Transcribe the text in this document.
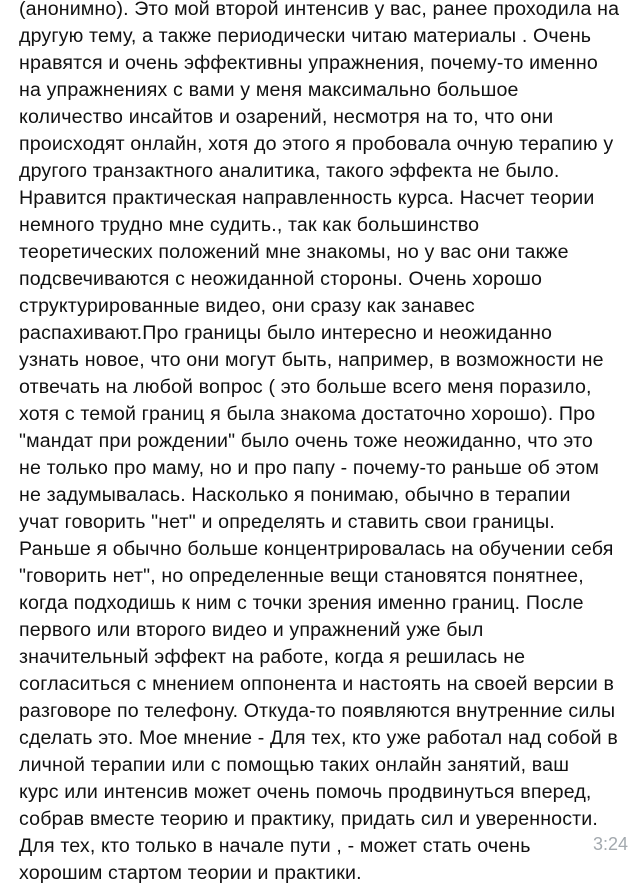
(анонимно). Это мой второй интенсив у вас, ранее проходила на
другую тему, а также периодически читаю материалы . Очень
нравятся и очень эффективны упражнения, почему-то именно
на упражнениях с вами у меня максимально большое
количество инсайтов и озарений, несмотря на то, что они
происходят онлайн, хотя до этого я пробовала очную терапию у
другого транзактного аналитика, такого эффекта не было.
Нравится практическая направленность курса. Насчет теории
немного трудно мне судить., так как большинство
теоретических положений мне знакомы, но у вас они также
подсвечиваются с неожиданной стороны. Очень хорошо
структурированные видео, они сразу как занавес
распахивают.Про границы было интересно и неожиданно
узнать новое, что они могут быть, например, в возможности не
отвечать на любой вопрос ( это больше всего меня поразило,
хотя с темой границ я была знакома достаточно хорошо). Про
"мандат при рождении" было очень тоже неожиданно, что это
не только про маму, но и про папу - почему-то раньше об этом
не задумывалась. Насколько я понимаю, обычно в терапии
учат говорить "нет" и определять и ставить свои границы.
Раньше я обычно больше концентрировалась на обучении себя
"говорить нет", но определенные вещи становятся понятнее,
когда подходишь к ним с точки зрения именно границ. После
первого или второго видео и упражнений уже был
значительный эффект на работе, когда я решилась не
согласиться с мнением оппонента и настоять на своей версии в
разговоре по телефону. Откуда-то появляются внутренние силы
сделать это. Мое мнение - Для тех, кто уже работал над собой в
личной терапии или с помощью таких онлайн занятий, ваш
курс или интенсив может очень помочь продвинуться вперед,
собрав вместе теорию и практику, придать сил и уверенности.
Для тех, кто только в начале пути , - может стать очень
хорошим стартом теории и практики.
3:24
